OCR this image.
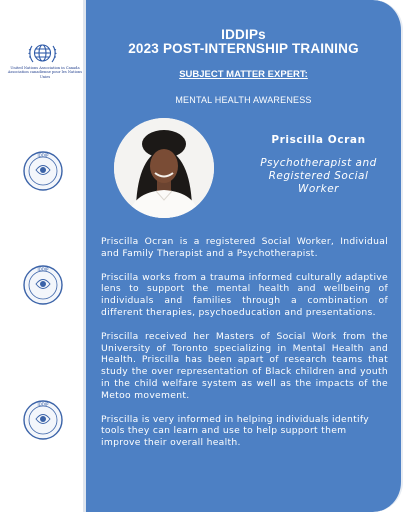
United Nations Association in Canada
Association canadienne pour les Nations Unies
IDDIP
IDDIP
IDDIP
IDDIPs
2023 POST-INTERNSHIP TRAINING
SUBJECT MATTER EXPERT:
MENTAL HEALTH AWARENESS
Priscilla Ocran
Psychotherapist and
Registered Social
Worker

Priscilla Ocran is a registered Social Worker, Individual and Family Therapist and a Psychotherapist.

Priscilla works from a trauma informed culturally adaptive lens to support the mental health and wellbeing of individuals and families through a combination of different therapies, psychoeducation and presentations.

Priscilla received her Masters of Social Work from the University of Toronto specializing in Mental Health and Health. Priscilla has been apart of research teams that study the over representation of Black children and youth in the child welfare system as well as the impacts of the Metoo movement.

Priscilla is very informed in helping individuals identify tools they can learn and use to help support them improve their overall health.
